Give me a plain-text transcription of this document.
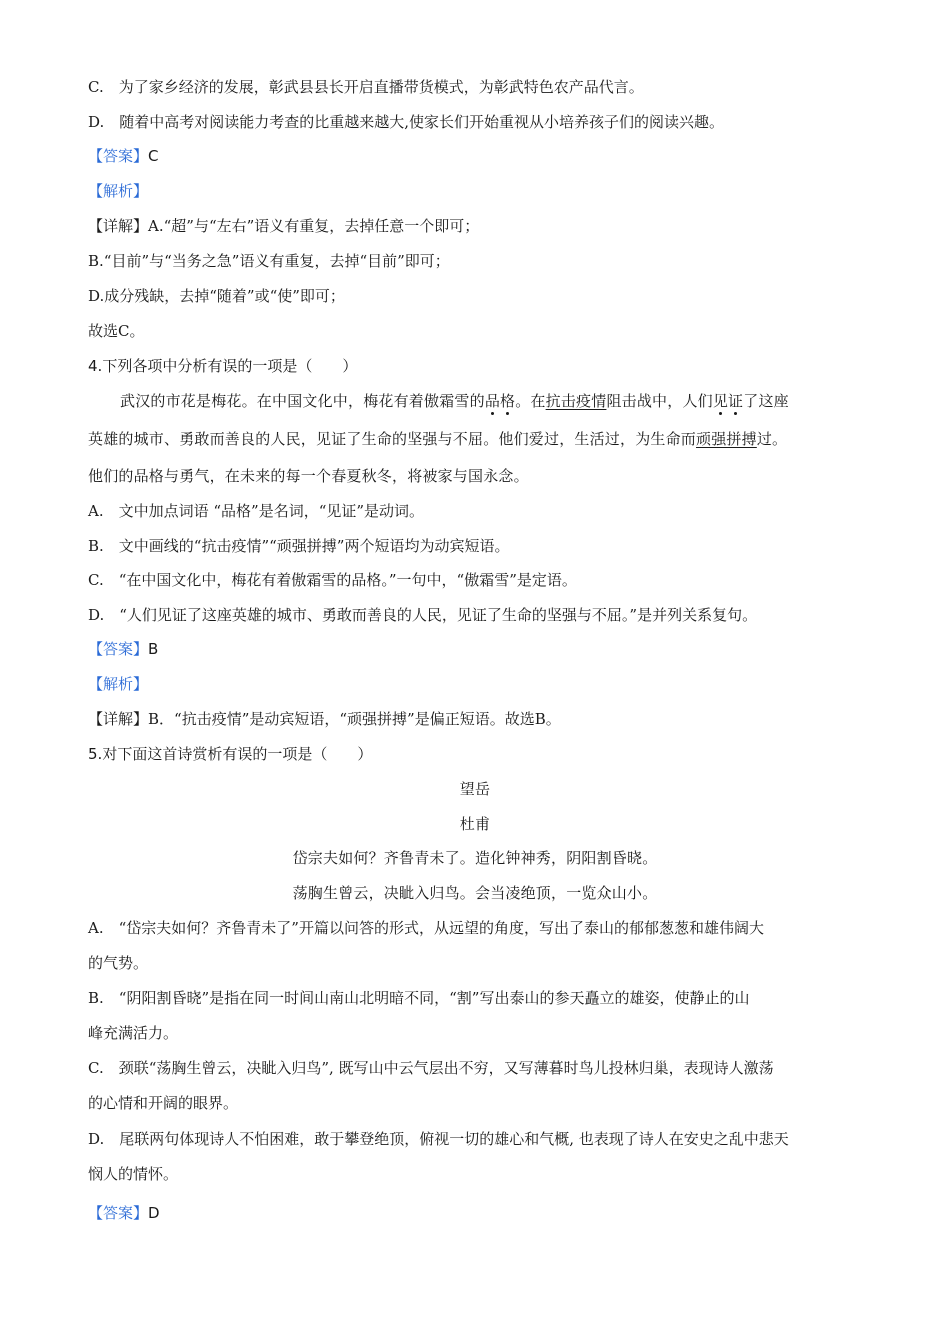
C.　为了家乡经济的发展，彰武县县长开启直播带货模式，为彰武特色农产品代言。
D.　随着中高考对阅读能力考查的比重越来越大,使家长们开始重视从小培养孩子们的阅读兴趣。
【答案】C
【解析】
【详解】A.“超”与“左右”语义有重复，去掉任意一个即可；
B.“目前”与“当务之急”语义有重复，去掉“目前”即可；
D.成分残缺，去掉“随着”或“使”即可；
故选C。
4.下列各项中分析有误的一项是（　　）
武汉的市花是梅花。在中国文化中，梅花有着傲霜雪的品格。在抗击疫情阻击战中，人们见证了这座
英雄的城市、勇敢而善良的人民，见证了生命的坚强与不屈。他们爱过，生活过，为生命而顽强拼搏过。
他们的品格与勇气，在未来的每一个春夏秋冬，将被家与国永念。
A.　文中加点词语 “品格”是名词，“见证”是动词。
B.　文中画线的“抗击疫情”“顽强拼搏”两个短语均为动宾短语。
C.　“在中国文化中，梅花有着傲霜雪的品格。”一句中，“傲霜雪”是定语。
D.　“人们见证了这座英雄的城市、勇敢而善良的人民，见证了生命的坚强与不屈。”是并列关系复句。
【答案】B
【解析】
【详解】B．“抗击疫情”是动宾短语，“顽强拼搏”是偏正短语。故选B。
5.对下面这首诗赏析有误的一项是（　　）
望岳
杜甫
岱宗夫如何？齐鲁青未了。造化钟神秀，阴阳割昏晓。
荡胸生曾云，决眦入归鸟。会当凌绝顶，一览众山小。
A.　“岱宗夫如何？齐鲁青未了”开篇以问答的形式，从远望的角度，写出了泰山的郁郁葱葱和雄伟阔大
的气势。
B.　“阴阳割昏晓”是指在同一时间山南山北明暗不同，“割”写出泰山的参天矗立的雄姿，使静止的山
峰充满活力。
C.　颈联“荡胸生曾云，决眦入归鸟”, 既写山中云气层出不穷，又写薄暮时鸟儿投林归巢，表现诗人激荡
的心情和开阔的眼界。
D.　尾联两句体现诗人不怕困难，敢于攀登绝顶，俯视一切的雄心和气概, 也表现了诗人在安史之乱中悲天
悯人的情怀。
【答案】D
